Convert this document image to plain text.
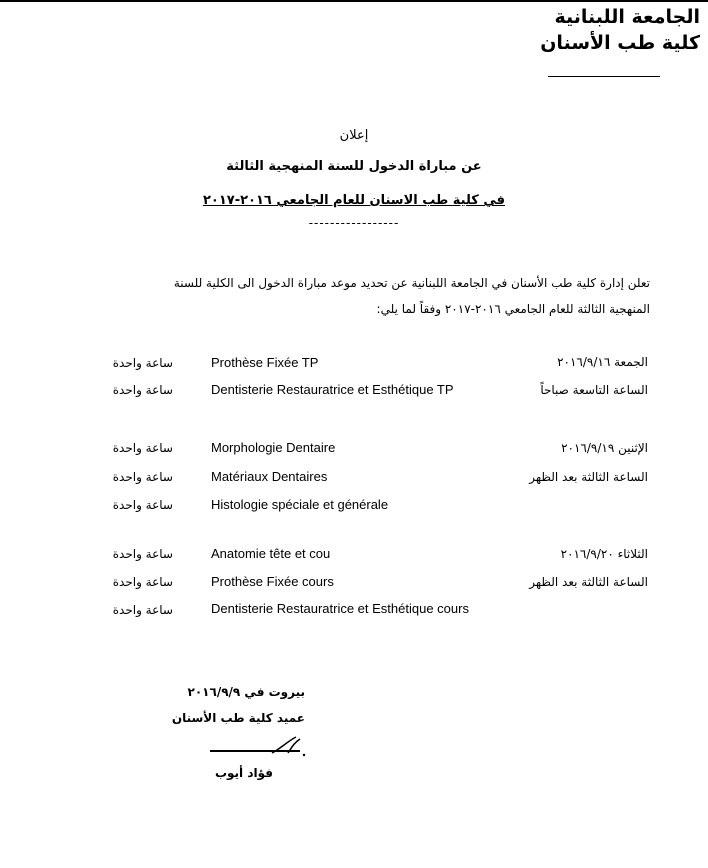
الجامعة اللبنانية
كلية طب الأسنان
إعلان
عن مباراة الدخول للسنة المنهجية الثالثة
في كلية طب الاسنان للعام الجامعي ٢٠١٦-٢٠١٧
-----------------
تعلن إدارة كلية طب الأسنان في الجامعة اللبنانية عن تحديد موعد مباراة الدخول الى الكلية للسنة
المنهجية الثالثة للعام الجامعي ٢٠١٦-٢٠١٧ وفقاً لما يلي:
الجمعة ٢٠١٦/٩/١٦
Prothèse Fixée TP
ساعة واحدة
الساعة التاسعة صباحاً
Dentisterie Restauratrice et Esthétique TP
ساعة واحدة
الإثنين ٢٠١٦/٩/١٩
Morphologie Dentaire
ساعة واحدة
الساعة الثالثة بعد الظهر
Matériaux Dentaires
ساعة واحدة
Histologie spéciale et générale
ساعة واحدة
الثلاثاء ٢٠١٦/٩/٢٠
Anatomie tête et cou
ساعة واحدة
الساعة الثالثة بعد الظهر
Prothèse Fixée cours
ساعة واحدة
Dentisterie Restauratrice et Esthétique cours
ساعة واحدة
بيروت في ٢٠١٦/٩/٩
عميد كلية طب الأسنان
فؤاد أيوب
